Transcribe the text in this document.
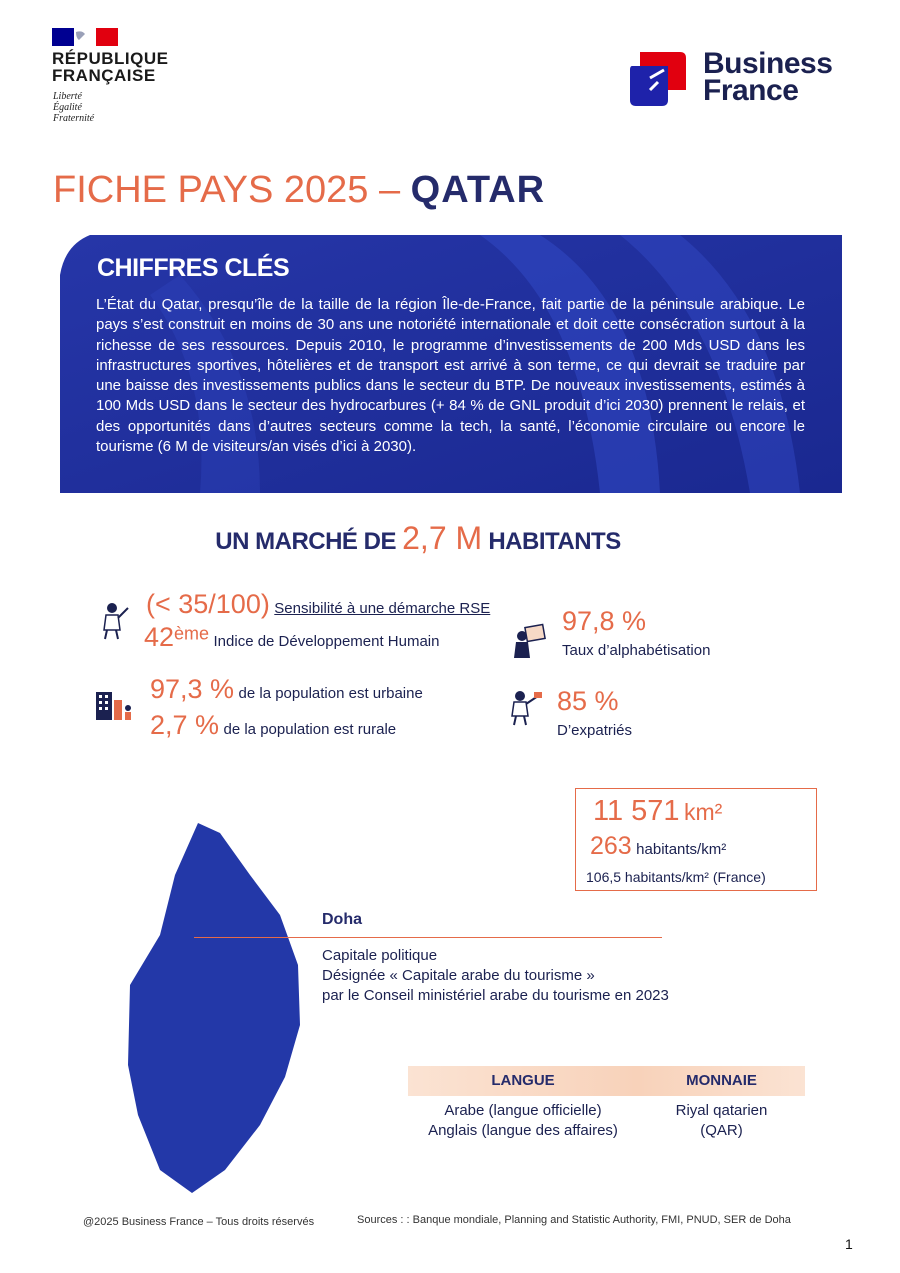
RÉPUBLIQUE
FRANÇAISE
Liberté
Égalité
Fraternité
Business
France
FICHE PAYS 2025 – QATAR
CHIFFRES CLÉS
L’État du Qatar, presqu’île de la taille de la région Île-de-France, fait partie de la péninsule arabique. Le pays s’est construit en moins de 30 ans une notoriété internationale et doit cette consécration surtout à la richesse de ses ressources. Depuis 2010, le programme d’investissements de 200 Mds USD dans les infrastructures sportives, hôtelières et de transport est arrivé à son terme, ce qui devrait se traduire par une baisse des investissements publics dans le secteur du BTP. De nouveaux investissements, estimés à 100 Mds USD dans le secteur des hydrocarbures (+ 84 % de GNL produit d’ici 2030) prennent le relais, et des opportunités dans d’autres secteurs comme la tech, la santé, l’économie circulaire ou encore le tourisme (6 M de visiteurs/an visés d’ici à 2030).
UN MARCHÉ DE 2,7 M HABITANTS
(< 35/100) Sensibilité à une démarche RSE
42ème Indice de Développement Humain
97,3 % de la population est urbaine
2,7 % de la population est rurale
97,8 %
Taux d’alphabétisation
85 %
D’expatriés
11 571 km²
263 habitants/km²
106,5 habitants/km² (France)
Doha
Capitale politique
Désignée « Capitale arabe du tourisme »
par le Conseil ministériel arabe du tourisme en 2023
LANGUE	MONNAIE
Arabe (langue officielle)
Anglais (langue des affaires)
Riyal qatarien
(QAR)
@2025 Business France – Tous droits réservés	Sources : : Banque mondiale, Planning and Statistic Authority, FMI, PNUD, SER de Doha
1
